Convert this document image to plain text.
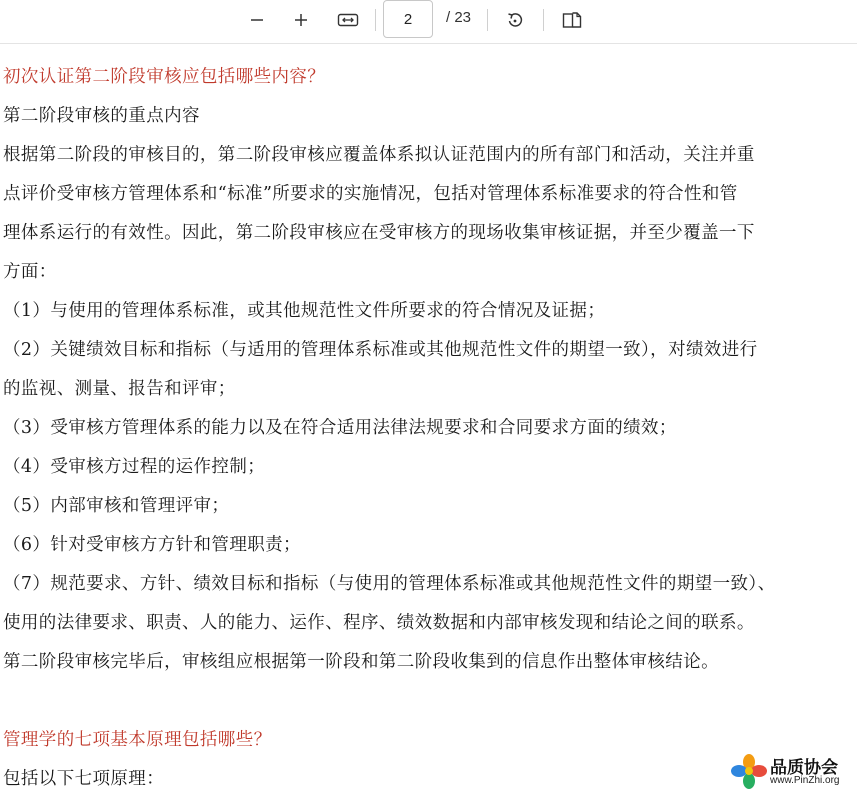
2
/ 23
初次认证第二阶段审核应包括哪些内容？
第二阶段审核的重点内容
根据第二阶段的审核目的，第二阶段审核应覆盖体系拟认证范围内的所有部门和活动，关注并重
点评价受审核方管理体系和“标准”所要求的实施情况，包括对管理体系标准要求的符合性和管
理体系运行的有效性。因此，第二阶段审核应在受审核方的现场收集审核证据，并至少覆盖一下
方面：
（1）与使用的管理体系标准，或其他规范性文件所要求的符合情况及证据；
（2）关键绩效目标和指标（与适用的管理体系标准或其他规范性文件的期望一致），对绩效进行
的监视、测量、报告和评审；
（3）受审核方管理体系的能力以及在符合适用法律法规要求和合同要求方面的绩效；
（4）受审核方过程的运作控制；
（5）内部审核和管理评审；
（6）针对受审核方方针和管理职责；
（7）规范要求、方针、绩效目标和指标（与使用的管理体系标准或其他规范性文件的期望一致）、
使用的法律要求、职责、人的能力、运作、程序、绩效数据和内部审核发现和结论之间的联系。
第二阶段审核完毕后，审核组应根据第一阶段和第二阶段收集到的信息作出整体审核结论。
管理学的七项基本原理包括哪些？
包括以下七项原理：
品质协会
www.PinZhi.org
